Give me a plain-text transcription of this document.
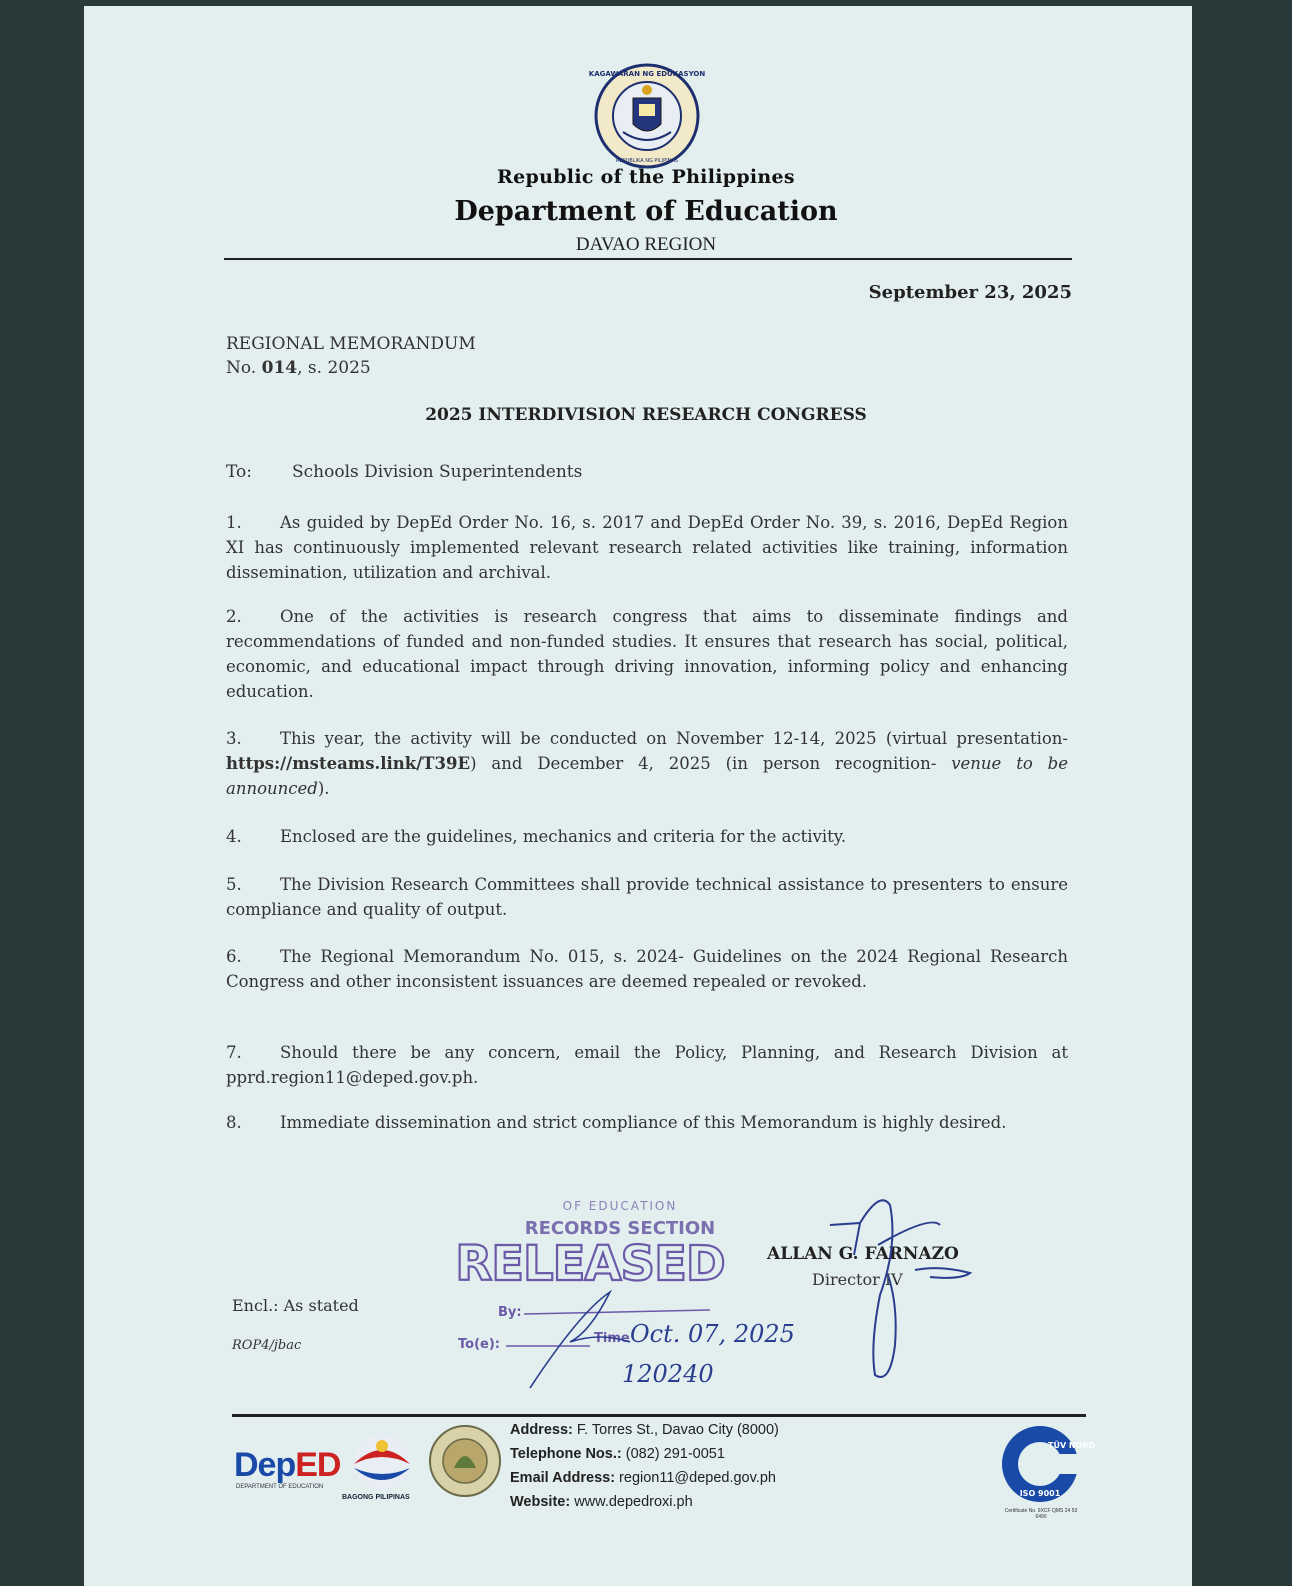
KAGAWARAN NG EDUKASYON
REPUBLIKA NG PILIPINAS
Republic of the Philippines
Department of Education
DAVAO REGION
September 23, 2025
REGIONAL MEMORANDUM
No. 014, s. 2025
2025 INTERDIVISION RESEARCH CONGRESS
To: Schools Division Superintendents
1. As guided by DepEd Order No. 16, s. 2017 and DepEd Order No. 39, s. 2016, DepEd Region XI has continuously implemented relevant research related activities like training, information dissemination, utilization and archival.
2. One of the activities is research congress that aims to disseminate findings and recommendations of funded and non-funded studies. It ensures that research has social, political, economic, and educational impact through driving innovation, informing policy and enhancing education.
3. This year, the activity will be conducted on November 12-14, 2025 (virtual presentation- https://msteams.link/T39E) and December 4, 2025 (in person recognition- venue to be announced).
4. Enclosed are the guidelines, mechanics and criteria for the activity.
5. The Division Research Committees shall provide technical assistance to presenters to ensure compliance and quality of output.
6. The Regional Memorandum No. 015, s. 2024- Guidelines on the 2024 Regional Research Congress and other inconsistent issuances are deemed repealed or revoked.
7. Should there be any concern, email the Policy, Planning, and Research Division at pprd.region11@deped.gov.ph.
8. Immediate dissemination and strict compliance of this Memorandum is highly desired.
OF EDUCATION
RECORDS SECTION
RELEASED
By:
To(e):	Time Oct. 07, 2025
120240
ALLAN G. FARNAZO
Director IV
Encl.: As stated
ROP4/jbac
DepED
DEPARTMENT OF EDUCATION
BAGONG PILIPINAS
Address: F. Torres St., Davao City (8000)
Telephone Nos.: (082) 291-0051
Email Address: region11@deped.gov.ph
Website: www.depedroxi.ph
TÜV NORD
ISO 9001
Certificate No. 9XCF QMS 24 53 6490
